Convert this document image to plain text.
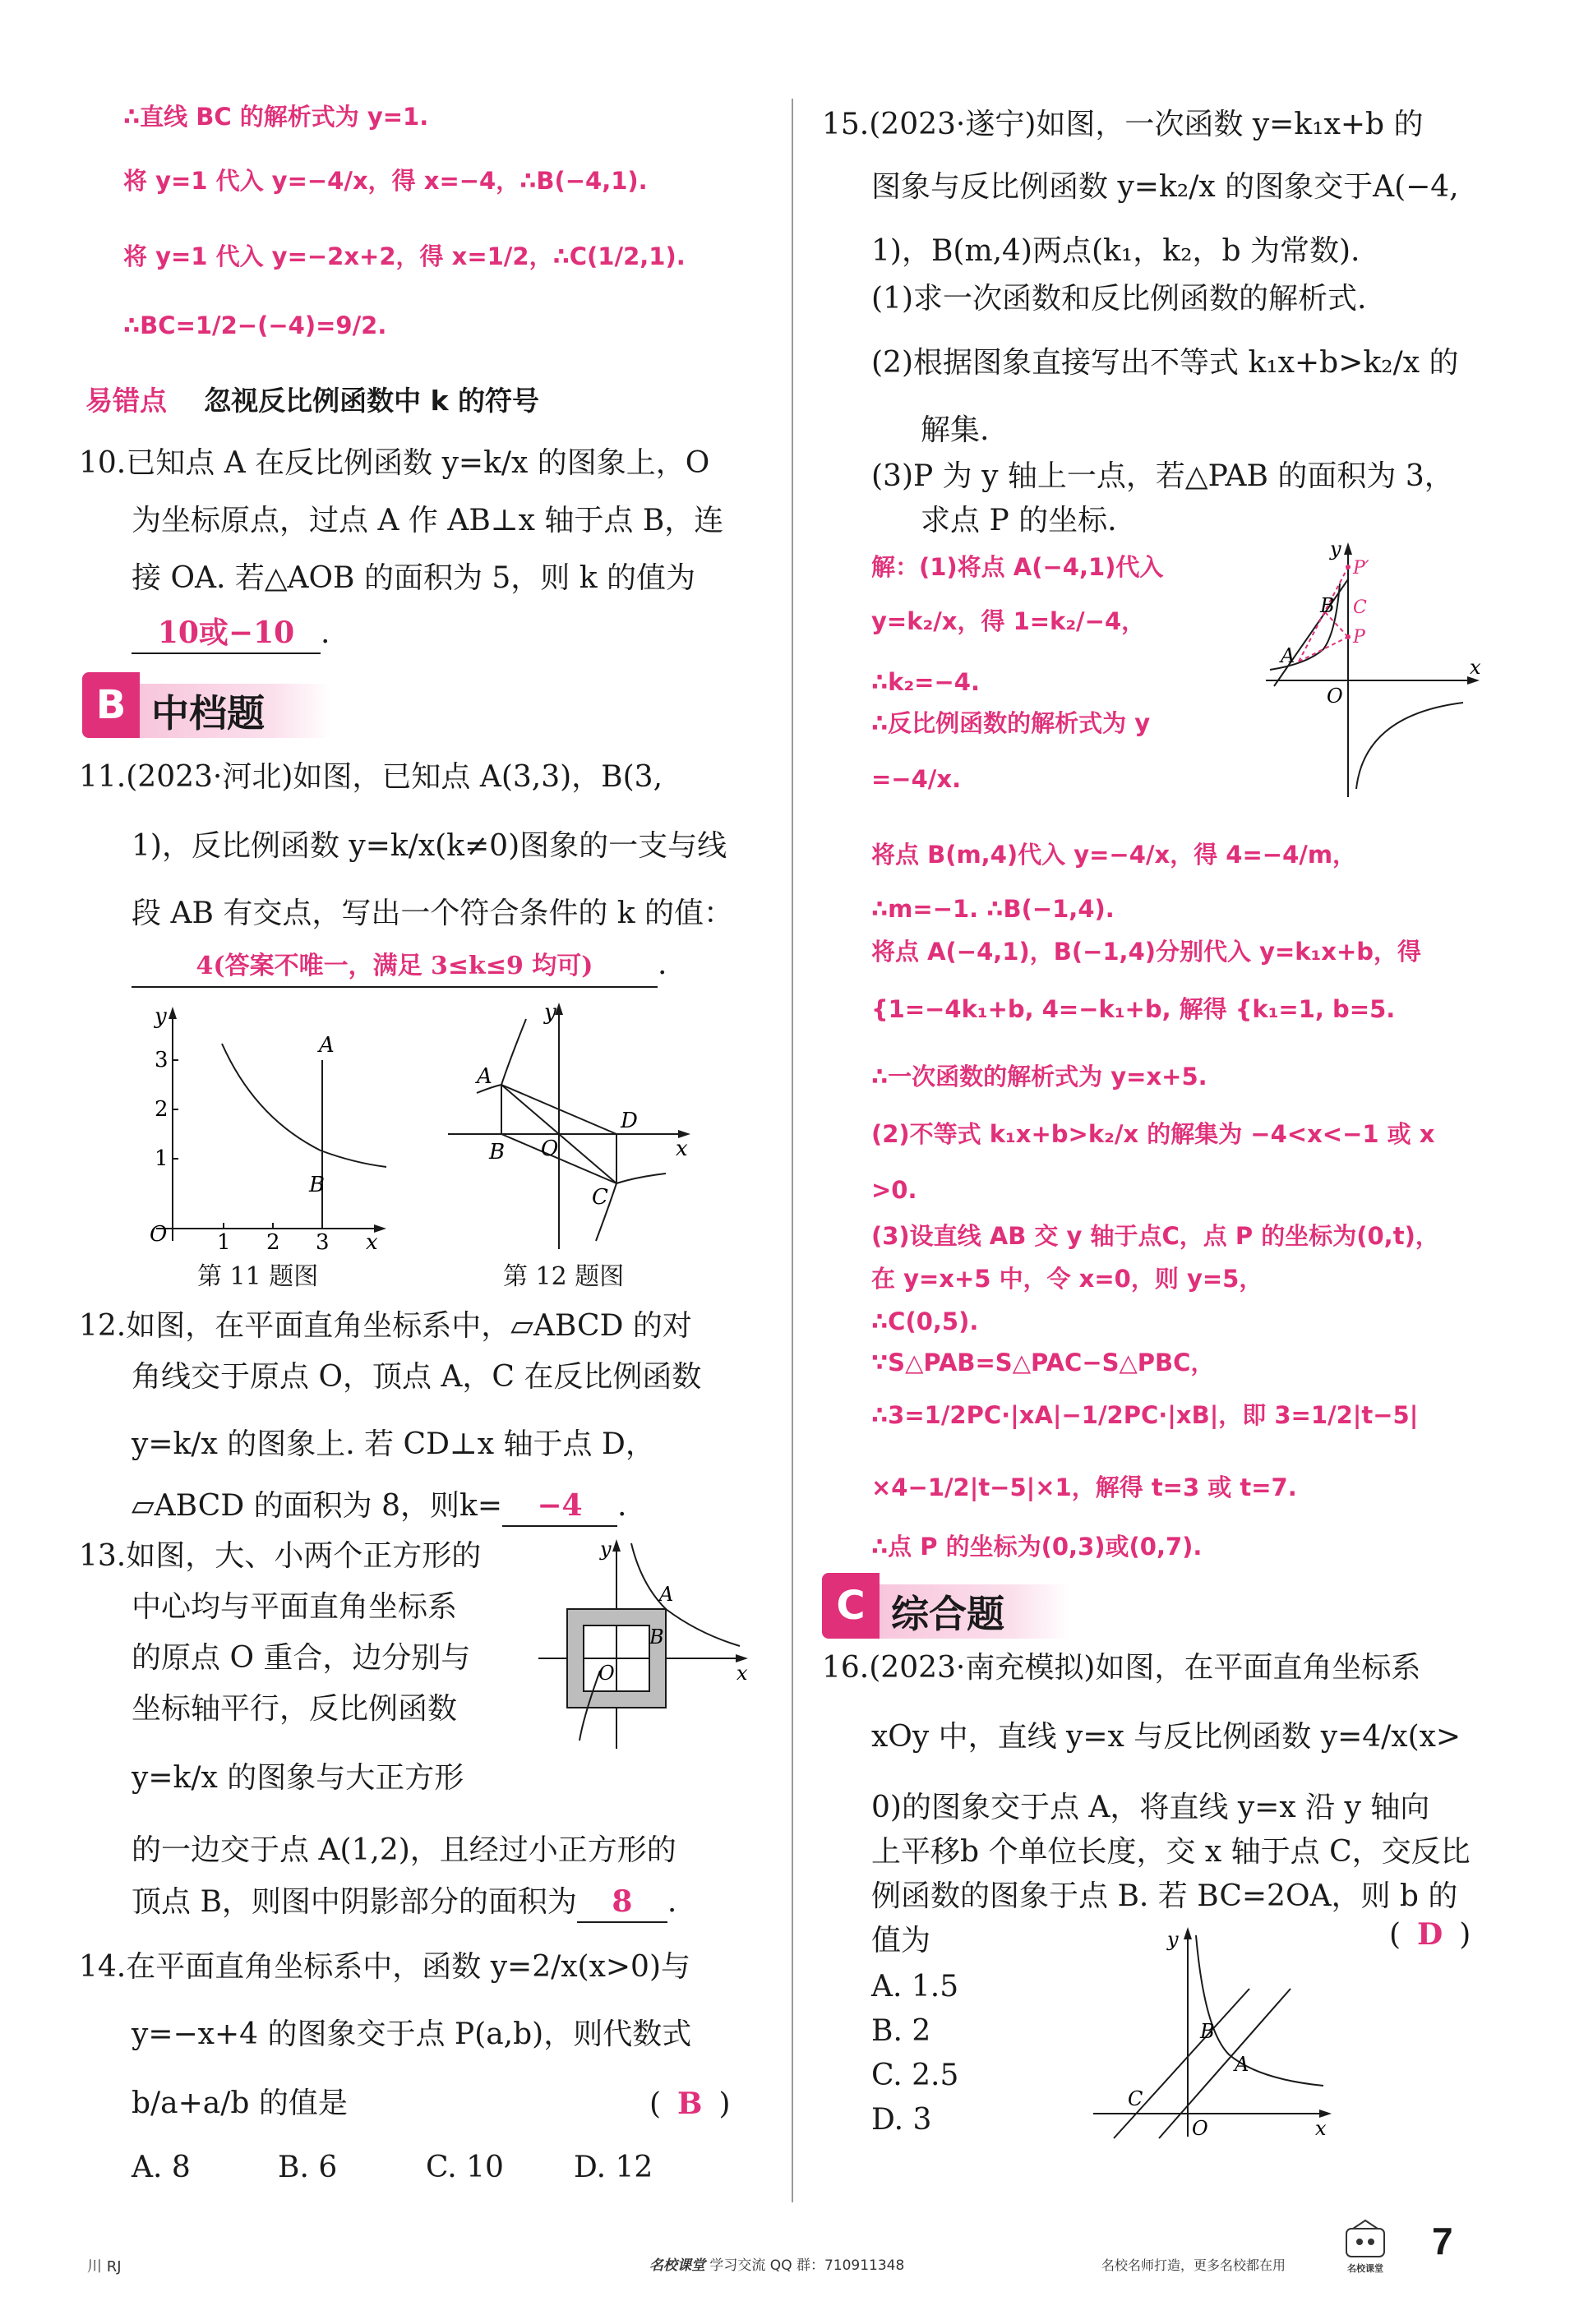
∴直线 BC 的解析式为 y=1.
将 y=1 代入 y=−4/x，得 x=−4，∴B(−4,1).
将 y=1 代入 y=−2x+2，得 x=1/2，∴C(1/2,1).
∴BC=1/2−(−4)=9/2.
易错点 忽视反比例函数中 k 的符号
10.已知点 A 在反比例函数 y=k/x 的图象上，O
为坐标原点，过点 A 作 AB⊥x 轴于点 B，连
接 OA. 若△AOB 的面积为 5，则 k 的值为
10或−10 .
B 中档题
11.(2023·河北)如图，已知点 A(3,3)，B(3,
1)，反比例函数 y=k/x(k≠0)图象的一支与线
段 AB 有交点，写出一个符合条件的 k 的值：
4(答案不唯一，满足 3≤k≤9 均可) .
y
3
2
1
O 1 2 3 x
A
B
第 11 题图
y
A
D
B O	x
C
第 12 题图
12.如图，在平面直角坐标系中，▱ABCD 的对
角线交于原点 O，顶点 A，C 在反比例函数
y=k/x 的图象上. 若 CD⊥x 轴于点 D，
▱ABCD 的面积为 8，则k= −4 .
13.如图，大、小两个正方形的
中心均与平面直角坐标系
的原点 O 重合，边分别与
坐标轴平行，反比例函数
y=k/x 的图象与大正方形
的一边交于点 A(1,2)，且经过小正方形的
顶点 B，则图中阴影部分的面积为 8 .
y
A
B
O	x
14.在平面直角坐标系中，函数 y=2/x(x>0)与
y=−x+4 的图象交于点 P(a,b)，则代数式
b/a+a/b 的值是	( B )
A. 8	B. 6	C. 10 D. 12
川 RJ
15.(2023·遂宁)如图，一次函数 y=k₁x+b 的
图象与反比例函数 y=k₂/x 的图象交于A(−4,
1)，B(m,4)两点(k₁，k₂，b 为常数).
(1)求一次函数和反比例函数的解析式.
(2)根据图象直接写出不等式 k₁x+b>k₂/x 的
解集.
(3)P 为 y 轴上一点，若△PAB 的面积为 3，
求点 P 的坐标.
解：(1)将点 A(−4,1)代入
y=k₂/x，得 1=k₂/−4，
∴k₂=−4.
∴反比例函数的解析式为 y
=−4/x.
将点 B(m,4)代入 y=−4/x，得 4=−4/m，
∴m=−1. ∴B(−1,4).
将点 A(−4,1)，B(−1,4)分别代入 y=k₁x+b，得
{1=−4k₁+b, 4=−k₁+b, 解得 {k₁=1, b=5.
∴一次函数的解析式为 y=x+5.
(2)不等式 k₁x+b>k₂/x 的解集为 −4<x<−1 或 x
>0.
(3)设直线 AB 交 y 轴于点C，点 P 的坐标为(0,t)，
在 y=x+5 中，令 x=0，则 y=5，
∴C(0,5).
∵S△PAB=S△PAC−S△PBC，
∴3=1/2PC·|xA|−1/2PC·|xB|，即 3=1/2|t−5|
×4−1/2|t−5|×1，解得 t=3 或 t=7.
∴点 P 的坐标为(0,3)或(0,7).
y
P′
B C
P
A
O
x
C 综合题
16.(2023·南充模拟)如图，在平面直角坐标系
xOy 中，直线 y=x 与反比例函数 y=4/x(x>
0)的图象交于点 A，将直线 y=x 沿 y 轴向
上平移b 个单位长度，交 x 轴于点 C，交反比
例函数的图象于点 B. 若 BC=2OA，则 b 的
值为	( D )
A. 1.5
B. 2
C. 2.5
D. 3
y
B
A
C
O	x
名校课堂 学习交流 QQ 群：710911348	名校名师打造，更多名校都在用	名校课堂
7
